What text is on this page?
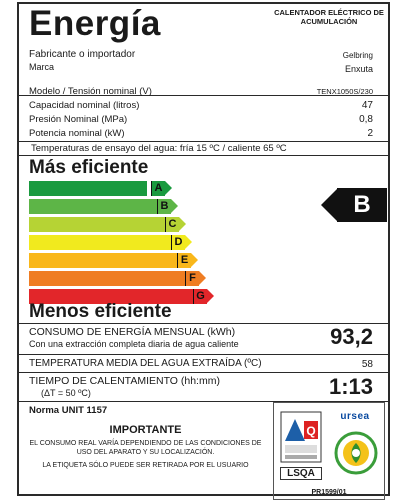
Energía	CALENTADOR ELÉCTRICO DE ACUMULACIÓN
Fabricante o importador	Gelbring
Marca	Enxuta
Modelo / Tensión nominal (V)	TENX1050S/230
Capacidad nominal (litros)	47
Presión Nominal (MPa)	0,8
Potencia nominal (kW)	2
Temperaturas de ensayo del agua: fría 15 ºC / caliente 65 ºC
Más eficiente
A
B
C
D
E
F
G
B
Menos eficiente
CONSUMO DE ENERGÍA MENSUAL (kWh)
Con una extracción completa diaria de agua caliente	93,2
TEMPERATURA MEDIA DEL AGUA EXTRAÍDA (ºC)	58
TIEMPO DE CALENTAMIENTO (hh:mm)
(ΔT = 50 ºC)	1:13
Norma UNIT 1157
IMPORTANTE
EL CONSUMO REAL VARÍA DEPENDIENDO DE LAS CONDICIONES DE USO DEL APARATO Y SU LOCALIZACIÓN.
LA ETIQUETA SÓLO PUEDE SER RETIRADA POR EL USUARIO
Q
LSQA
ursea
PR1599/01
